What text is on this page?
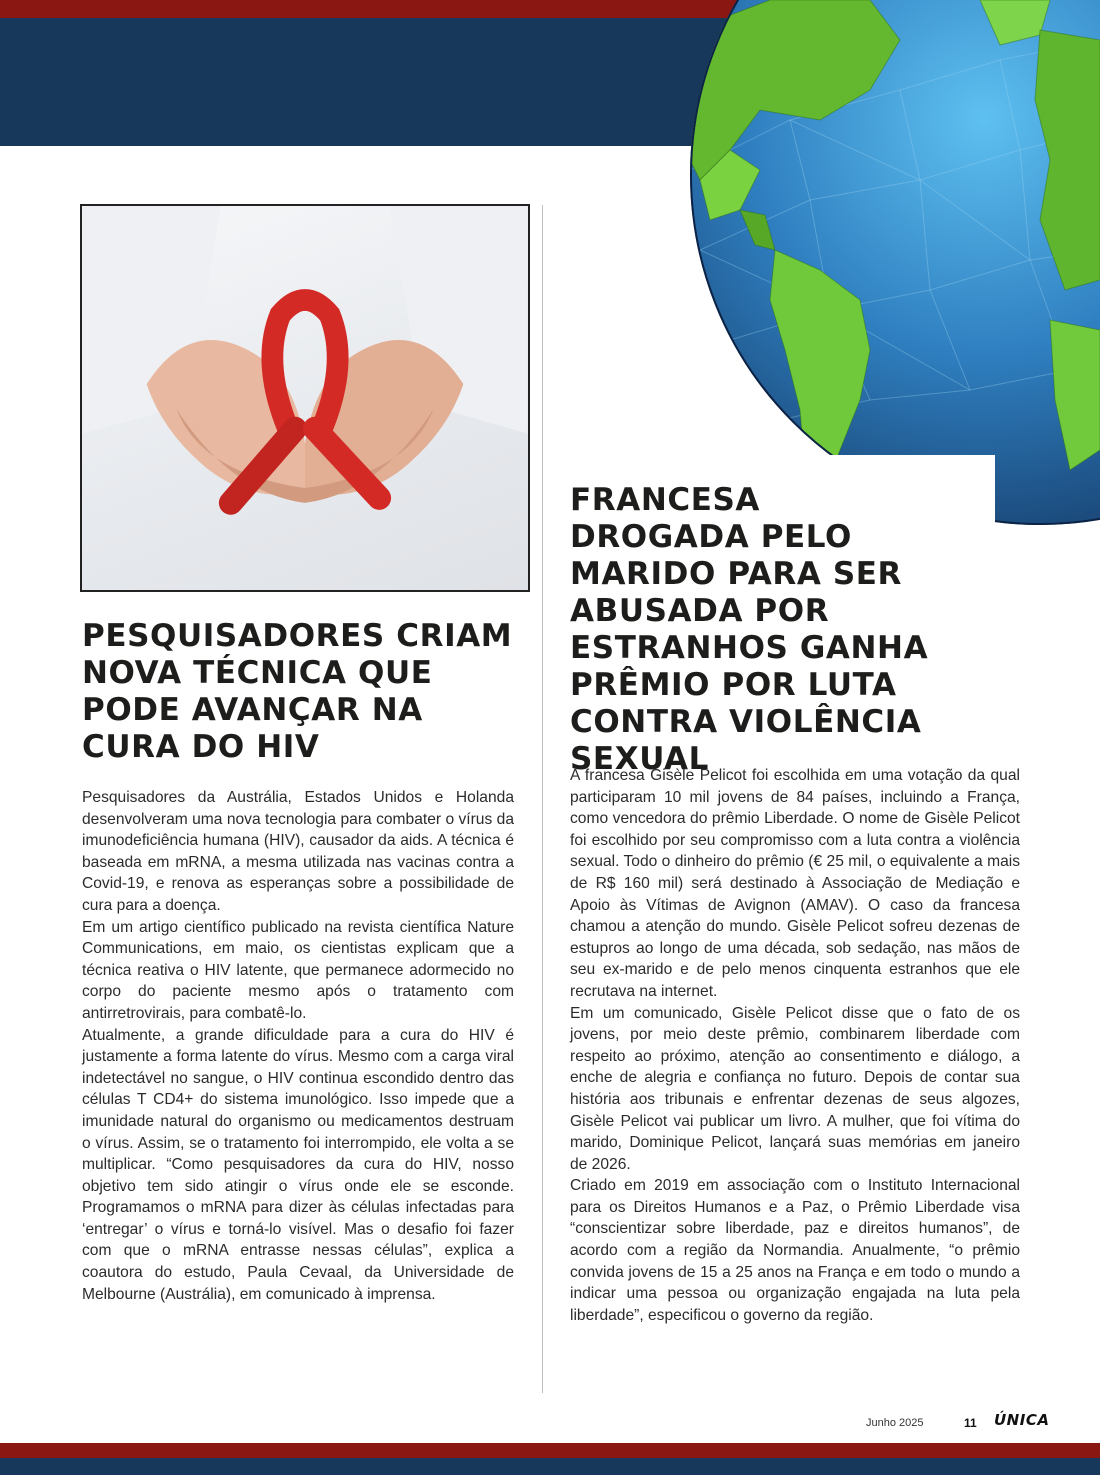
FRANCESA DROGADA PELO MARIDO PARA SER ABUSADA POR ESTRANHOS GANHA PRÊMIO POR LUTA CONTRA VIOLÊNCIA SEXUAL
PESQUISADORES CRIAM NOVA TÉCNICA QUE PODE AVANÇAR NA CURA DO HIV

Pesquisadores da Austrália, Estados Unidos e Holanda desenvolveram uma nova tecnologia para combater o vírus da imunodeficiência humana (HIV), causador da aids. A técnica é baseada em mRNA, a mesma utilizada nas vacinas contra a Covid-19, e renova as esperanças sobre a possibilidade de cura para a doença.

Em um artigo científico publicado na revista científica Nature Communications, em maio, os cientistas explicam que a técnica reativa o HIV latente, que permanece adormecido no corpo do paciente mesmo após o tratamento com antirretrovirais, para combatê-lo.

Atualmente, a grande dificuldade para a cura do HIV é justamente a forma latente do vírus. Mesmo com a carga viral indetectável no sangue, o HIV continua escondido dentro das células T CD4+ do sistema imunológico. Isso impede que a imunidade natural do organismo ou medicamentos destruam o vírus. Assim, se o tratamento foi interrompido, ele volta a se multiplicar. “Como pesquisadores da cura do HIV, nosso objetivo tem sido atingir o vírus onde ele se esconde. Programamos o mRNA para dizer às células infectadas para ‘entregar’ o vírus e torná-lo visível. Mas o desafio foi fazer com que o mRNA entrasse nessas células”, explica a coautora do estudo, Paula Cevaal, da Universidade de Melbourne (Austrália), em comunicado à imprensa.

A francesa Gisèle Pelicot foi escolhida em uma votação da qual participaram 10 mil jovens de 84 países, incluindo a França, como vencedora do prêmio Liberdade. O nome de Gisèle Pelicot foi escolhido por seu compromisso com a luta contra a violência sexual. Todo o dinheiro do prêmio (€ 25 mil, o equivalente a mais de R$ 160 mil) será destinado à Associação de Mediação e Apoio às Vítimas de Avignon (AMAV). O caso da francesa chamou a atenção do mundo. Gisèle Pelicot sofreu dezenas de estupros ao longo de uma década, sob sedação, nas mãos de seu ex-marido e de pelo menos cinquenta estranhos que ele recrutava na internet.

Em um comunicado, Gisèle Pelicot disse que o fato de os jovens, por meio deste prêmio, combinarem liberdade com respeito ao próximo, atenção ao consentimento e diálogo, a enche de alegria e confiança no futuro. Depois de contar sua história aos tribunais e enfrentar dezenas de seus algozes, Gisèle Pelicot vai publicar um livro. A mulher, que foi vítima do marido, Dominique Pelicot, lançará suas memórias em janeiro de 2026.

Criado em 2019 em associação com o Instituto Internacional para os Direitos Humanos e a Paz, o Prêmio Liberdade visa “conscientizar sobre liberdade, paz e direitos humanos”, de acordo com a região da Normandia. Anualmente, “o prêmio convida jovens de 15 a 25 anos na França e em todo o mundo a indicar uma pessoa ou organização engajada na luta pela liberdade”, especificou o governo da região.

Junho 2025	11 ÚNICA
